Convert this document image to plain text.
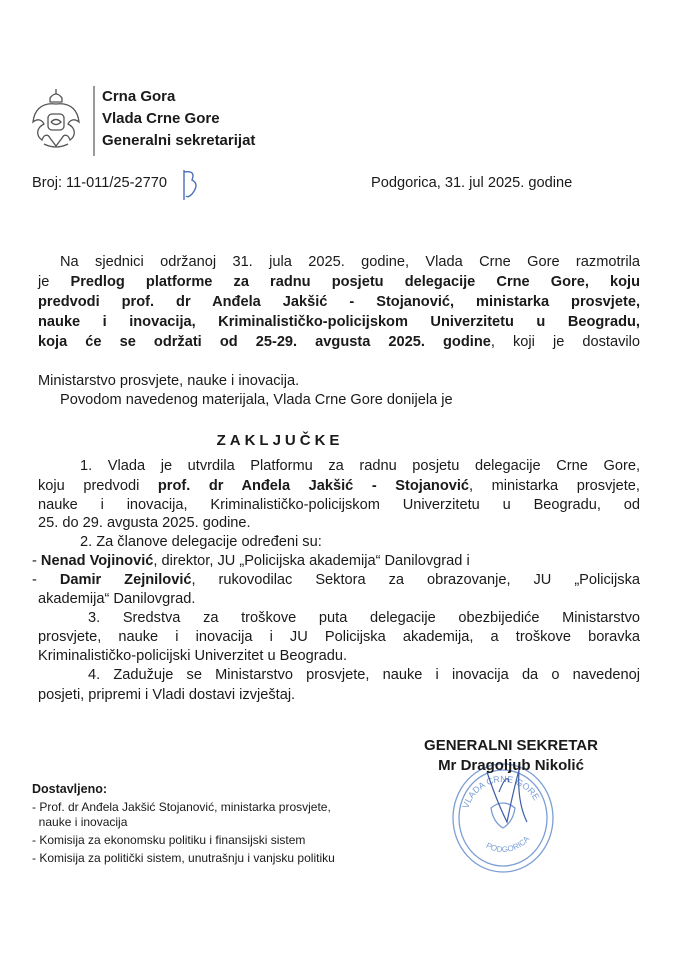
Crna Gora
Vlada Crne Gore
Generalni sekretarijat
Broj: 11-011/25-2770	Podgorica, 31. jul 2025. godine
Na sjednici održanoj 31. jula 2025. godine, Vlada Crne Gore razmotrila
je Predlog platforme za radnu posjetu delegacije Crne Gore, koju
predvodi prof. dr Anđela Jakšić - Stojanović, ministarka prosvjete,
nauke i inovacija, Kriminalističko-policijskom Univerzitetu u Beogradu,
koja će se održati od 25-29. avgusta 2025. godine, koji je dostavilo
Ministarstvo prosvjete, nauke i inovacija.
Povodom navedenog materijala, Vlada Crne Gore donijela je
1. Vlada je utvrdila Platformu za radnu posjetu delegacije Crne Gore,
koju predvodi prof. dr Anđela Jakšić - Stojanović, ministarka prosvjete,
nauke i inovacija, Kriminalističko-policijskom Univerzitetu u Beogradu, od
25. do 29. avgusta 2025. godine.
2. Za članove delegacije određeni su:
- Nenad Vojinović, direktor, JU „Policijska akademija“ Danilovgrad i
- Damir Zejnilović, rukovodilac Sektora za obrazovanje, JU „Policijska
akademija“ Danilovgrad.
3. Sredstva za troškove puta delegacije obezbijediće Ministarstvo
prosvjete, nauke i inovacija i JU Policijska akademija, a troškove boravka
Kriminalističko-policijski Univerzitet u Beogradu.
4. Zadužuje se Ministarstvo prosvjete, nauke i inovacija da o navedenoj
posjeti, pripremi i Vladi dostavi izvještaj.
ZAKLJUČKE
VLADA CRNE GORE
PODGORICA
GENERALNI SEKRETAR
Mr Dragoljub Nikolić
Dostavljeno:
- Prof. dr Anđela Jakšić Stojanović, ministarka prosvjete,
nauke i inovacija
- Komisija za ekonomsku politiku i finansijski sistem
- Komisija za politički sistem, unutrašnju i vanjsku politiku
